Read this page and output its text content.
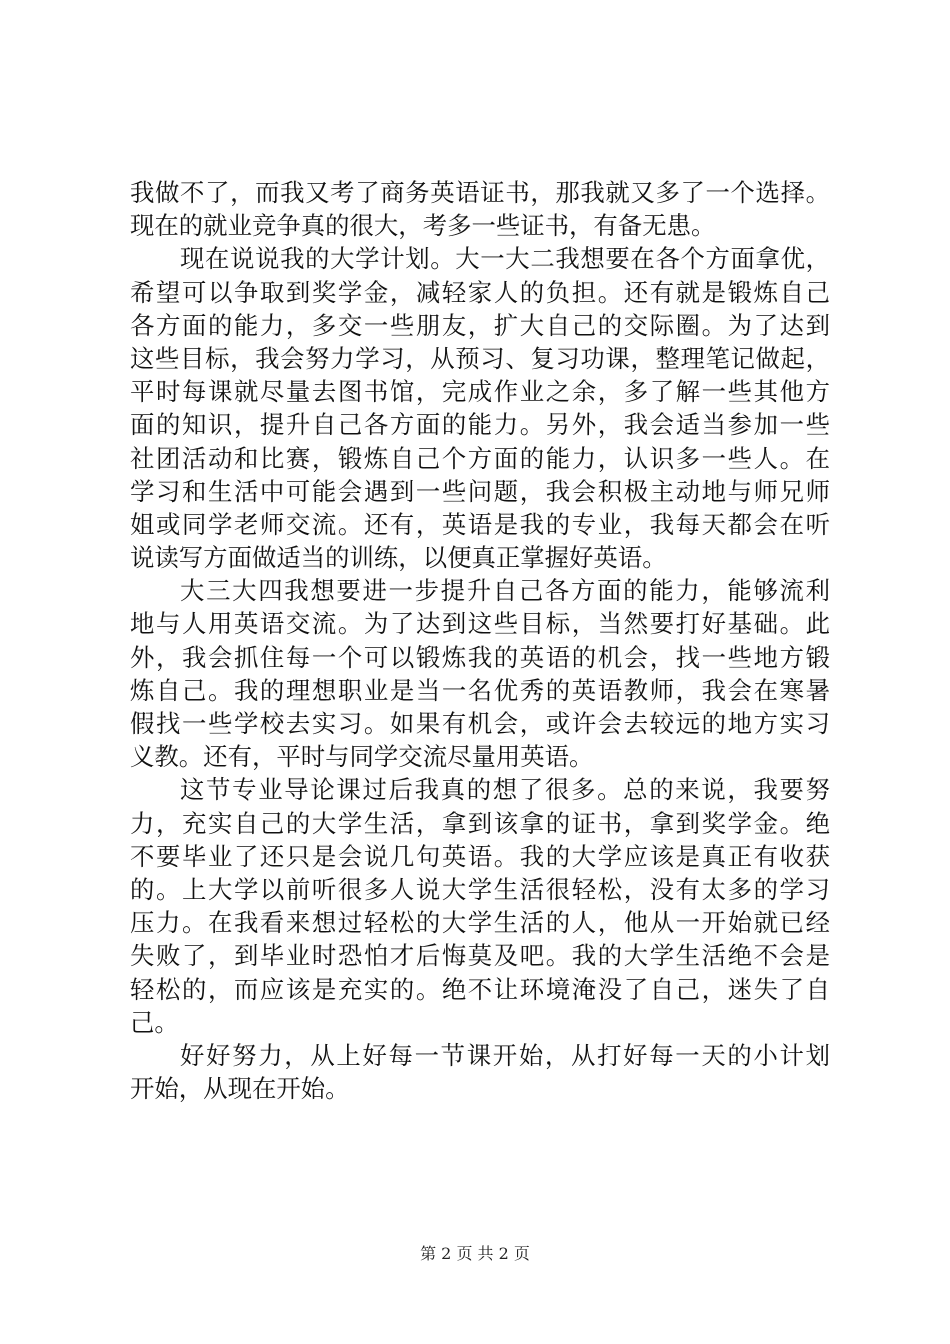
我做不了，而我又考了商务英语证书，那我就又多了一个选择。
现在的就业竞争真的很大，考多一些证书，有备无患。
现在说说我的大学计划。大一大二我想要在各个方面拿优，
希望可以争取到奖学金，减轻家人的负担。还有就是锻炼自己
各方面的能力，多交一些朋友，扩大自己的交际圈。为了达到
这些目标，我会努力学习，从预习、复习功课，整理笔记做起，
平时每课就尽量去图书馆，完成作业之余，多了解一些其他方
面的知识，提升自己各方面的能力。另外，我会适当参加一些
社团活动和比赛，锻炼自己个方面的能力，认识多一些人。在
学习和生活中可能会遇到一些问题，我会积极主动地与师兄师
姐或同学老师交流。还有，英语是我的专业，我每天都会在听
说读写方面做适当的训练，以便真正掌握好英语。
大三大四我想要进一步提升自己各方面的能力，能够流利
地与人用英语交流。为了达到这些目标，当然要打好基础。此
外，我会抓住每一个可以锻炼我的英语的机会，找一些地方锻
炼自己。我的理想职业是当一名优秀的英语教师，我会在寒暑
假找一些学校去实习。如果有机会，或许会去较远的地方实习
义教。还有，平时与同学交流尽量用英语。
这节专业导论课过后我真的想了很多。总的来说，我要努
力，充实自己的大学生活，拿到该拿的证书，拿到奖学金。绝
不要毕业了还只是会说几句英语。我的大学应该是真正有收获
的。上大学以前听很多人说大学生活很轻松，没有太多的学习
压力。在我看来想过轻松的大学生活的人，他从一开始就已经
失败了，到毕业时恐怕才后悔莫及吧。我的大学生活绝不会是
轻松的，而应该是充实的。绝不让环境淹没了自己，迷失了自
己。
好好努力，从上好每一节课开始，从打好每一天的小计划
开始，从现在开始。
第 2 页 共 2 页
